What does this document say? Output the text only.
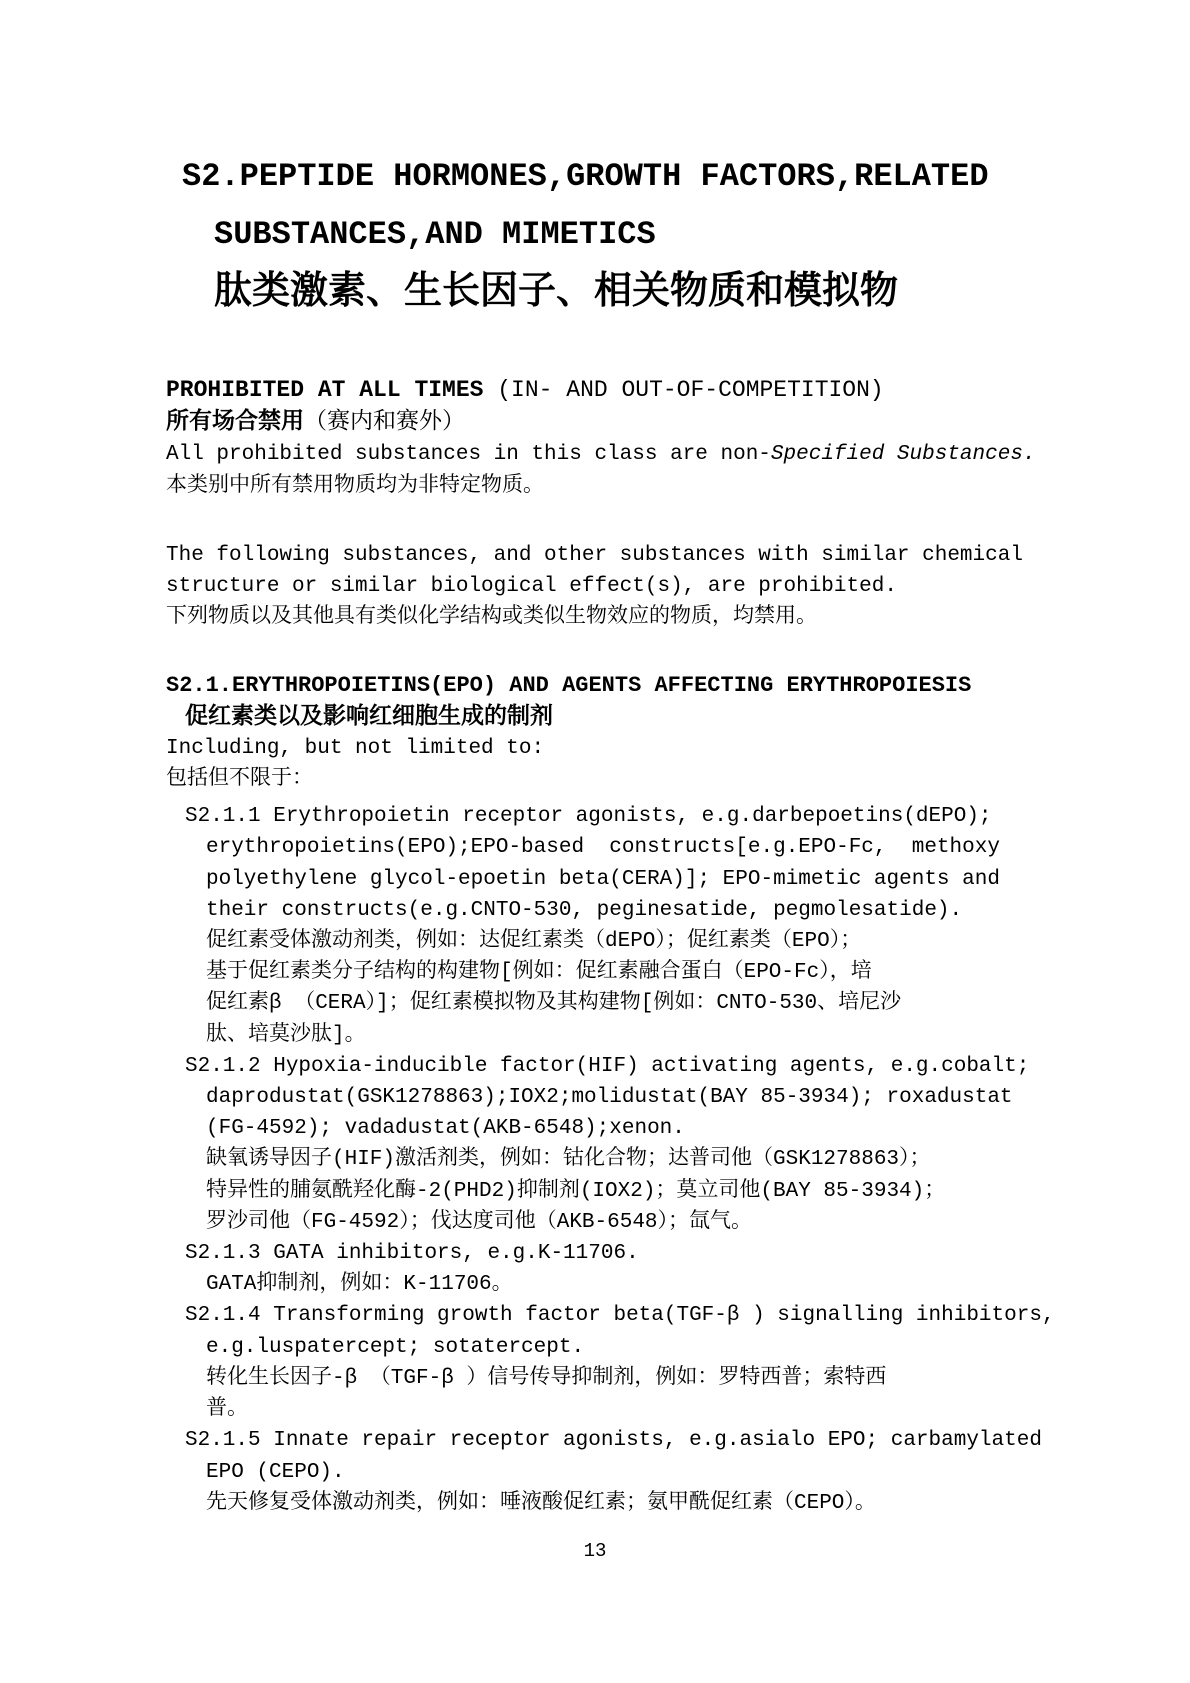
S2.PEPTIDE HORMONES,GROWTH FACTORS,RELATED
SUBSTANCES,AND MIMETICS
肽类激素、生长因子、相关物质和模拟物
PROHIBITED AT ALL TIMES (IN- AND OUT-OF-COMPETITION)
所有场合禁用（赛内和赛外）
All prohibited substances in this class are non-Specified Substances.
本类别中所有禁用物质均为非特定物质。
The following substances, and other substances with similar chemical
structure or similar biological effect(s), are prohibited.
下列物质以及其他具有类似化学结构或类似生物效应的物质，均禁用。
S2.1.ERYTHROPOIETINS(EPO) AND AGENTS AFFECTING ERYTHROPOIESIS
促红素类以及影响红细胞生成的制剂
Including, but not limited to:
包括但不限于：
S2.1.1 Erythropoietin receptor agonists, e.g.darbepoetins(dEPO);
erythropoietins(EPO);EPO-based  constructs[e.g.EPO-Fc,  methoxy
polyethylene glycol-epoetin beta(CERA)]; EPO-mimetic agents and
their constructs(e.g.CNTO-530, peginesatide, pegmolesatide).
促红素受体激动剂类，例如：达促红素类（dEPO）；促红素类（EPO）；
基于促红素类分子结构的构建物[例如：促红素融合蛋白（EPO-Fc），培
促红素β （CERA）]；促红素模拟物及其构建物[例如：CNTO-530、培尼沙
肽、培莫沙肽]。
S2.1.2 Hypoxia-inducible factor(HIF) activating agents, e.g.cobalt;
daprodustat(GSK1278863);IOX2;molidustat(BAY 85-3934); roxadustat
(FG-4592); vadadustat(AKB-6548);xenon.
缺氧诱导因子(HIF)激活剂类，例如：钴化合物；达普司他（GSK1278863）；
特异性的脯氨酰羟化酶-2(PHD2)抑制剂(IOX2)；莫立司他(BAY 85-3934)；
罗沙司他（FG-4592）；伐达度司他（AKB-6548）；氙气。
S2.1.3 GATA inhibitors, e.g.K-11706.
GATA抑制剂，例如：K-11706。
S2.1.4 Transforming growth factor beta(TGF-β ) signalling inhibitors,
e.g.luspatercept; sotatercept.
转化生长因子-β （TGF-β ）信号传导抑制剂，例如：罗特西普；索特西
普。
S2.1.5 Innate repair receptor agonists, e.g.asialo EPO; carbamylated
EPO (CEPO).
先天修复受体激动剂类，例如：唾液酸促红素；氨甲酰促红素（CEPO）。
13
